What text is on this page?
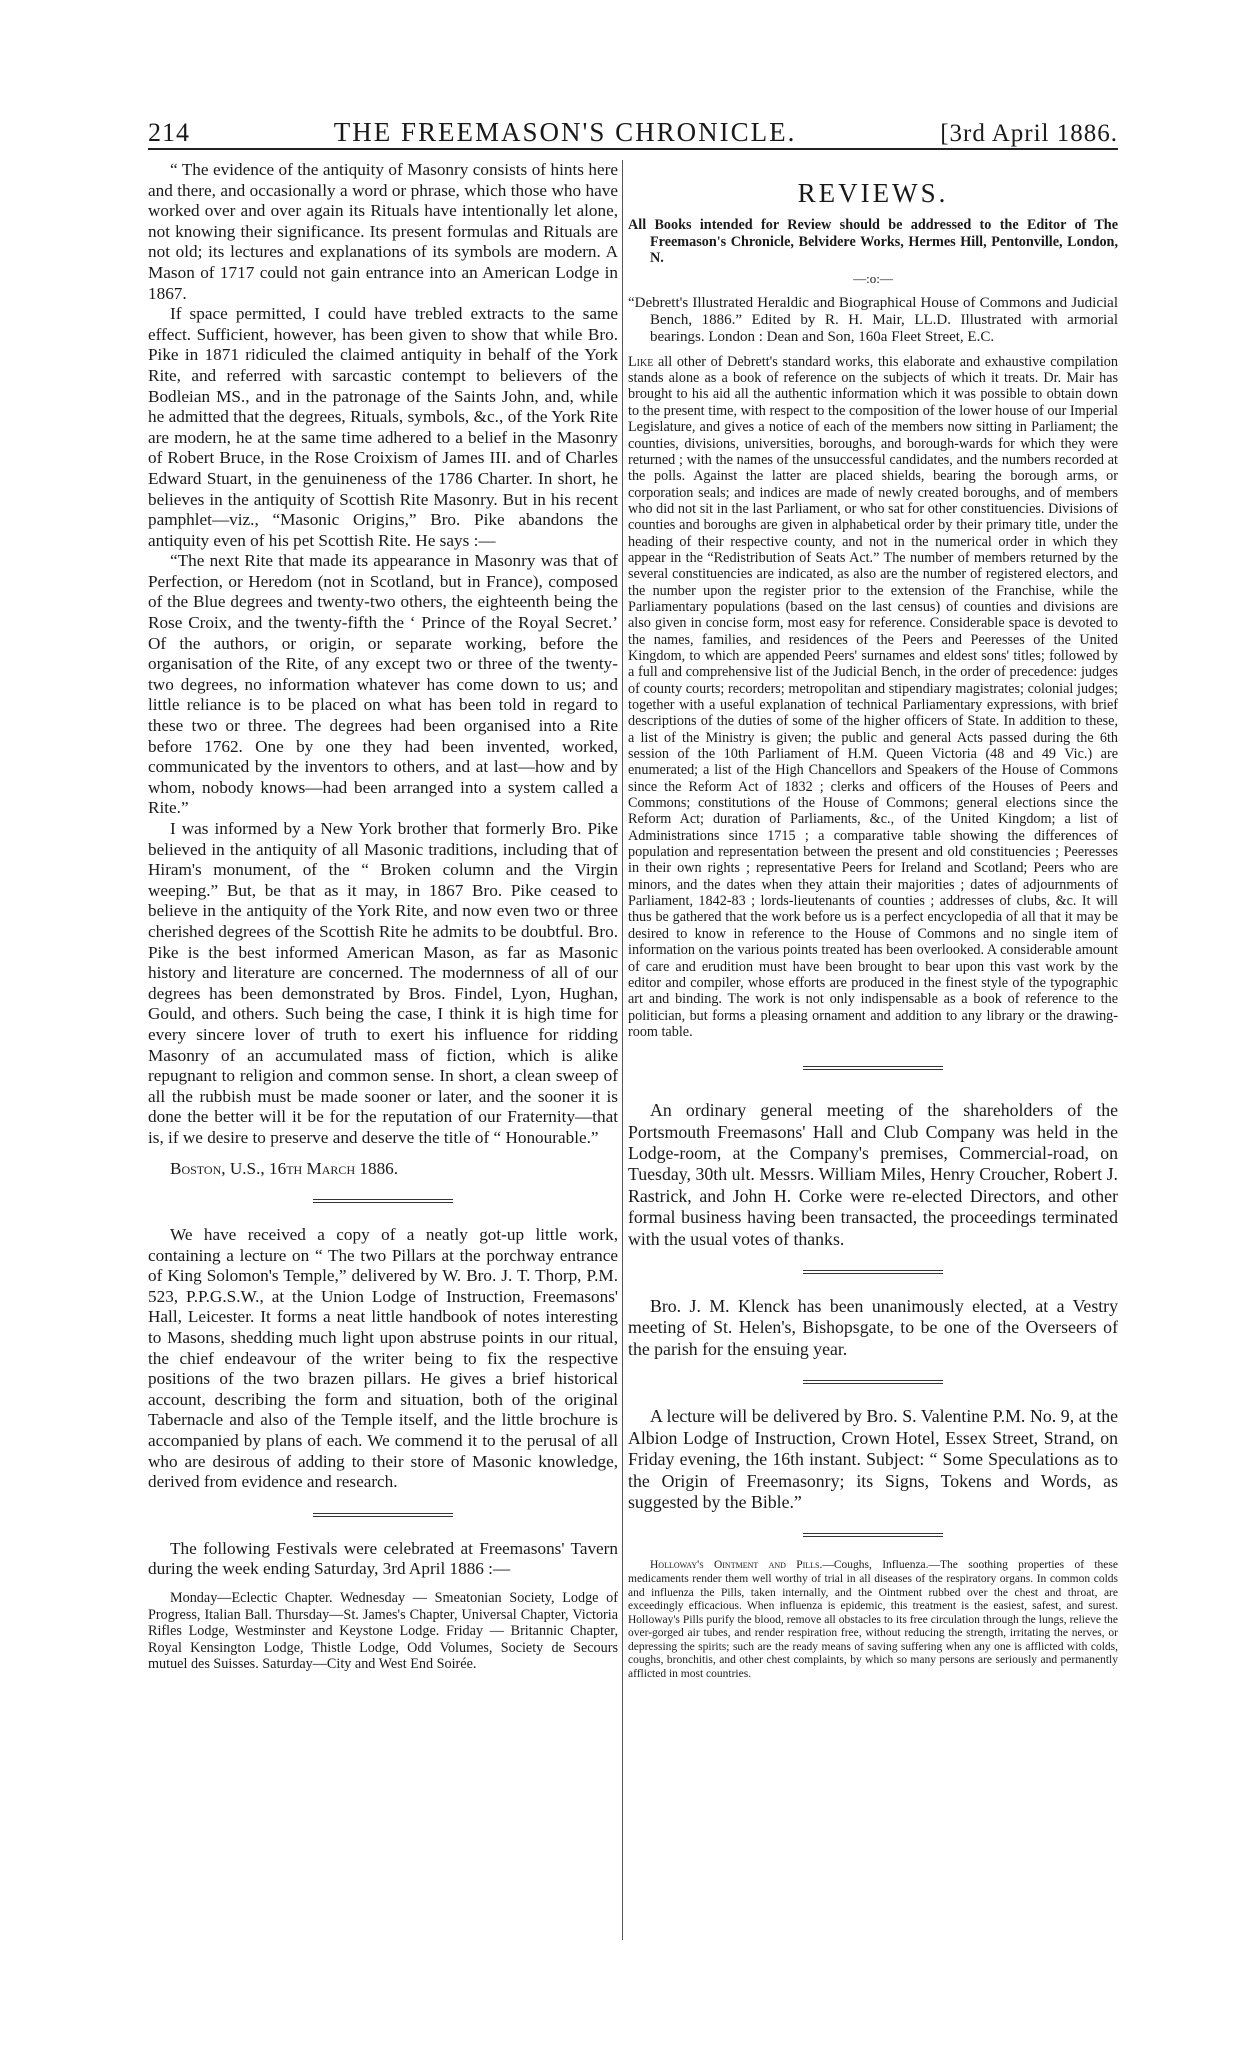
214	THE FREEMASON'S CHRONICLE.	[3rd April 1886.

“ The evidence of the antiquity of Masonry consists of hints here and there, and occasionally a word or phrase, which those who have worked over and over again its Rituals have intentionally let alone, not knowing their significance. Its present formulas and Rituals are not old; its lectures and explanations of its symbols are modern. A Mason of 1717 could not gain entrance into an American Lodge in 1867.

If space permitted, I could have trebled extracts to the same effect. Sufficient, however, has been given to show that while Bro. Pike in 1871 ridiculed the claimed antiquity in behalf of the York Rite, and referred with sarcastic contempt to believers of the Bodleian MS., and in the patronage of the Saints John, and, while he admitted that the degrees, Rituals, symbols, &c., of the York Rite are modern, he at the same time adhered to a belief in the Masonry of Robert Bruce, in the Rose Croixism of James III. and of Charles Edward Stuart, in the genuineness of the 1786 Charter. In short, he believes in the antiquity of Scottish Rite Masonry. But in his recent pamphlet—viz., “Masonic Origins,” Bro. Pike abandons the antiquity even of his pet Scottish Rite. He says :—

“The next Rite that made its appearance in Masonry was that of Perfection, or Heredom (not in Scotland, but in France), composed of the Blue degrees and twenty-two others, the eighteenth being the Rose Croix, and the twenty-fifth the ‘ Prince of the Royal Secret.’ Of the authors, or origin, or separate working, before the organisation of the Rite, of any except two or three of the twenty-two degrees, no information whatever has come down to us; and little reliance is to be placed on what has been told in regard to these two or three. The degrees had been organised into a Rite before 1762. One by one they had been invented, worked, communicated by the inventors to others, and at last—how and by whom, nobody knows—had been arranged into a system called a Rite.”

I was informed by a New York brother that formerly Bro. Pike believed in the antiquity of all Masonic traditions, including that of Hiram's monument, of the “ Broken column and the Virgin weeping.” But, be that as it may, in 1867 Bro. Pike ceased to believe in the antiquity of the York Rite, and now even two or three cherished degrees of the Scottish Rite he admits to be doubtful. Bro. Pike is the best informed American Mason, as far as Masonic history and literature are concerned. The modernness of all of our degrees has been demonstrated by Bros. Findel, Lyon, Hughan, Gould, and others. Such being the case, I think it is high time for every sincere lover of truth to exert his influence for ridding Masonry of an accumulated mass of fiction, which is alike repugnant to religion and common sense. In short, a clean sweep of all the rubbish must be made sooner or later, and the sooner it is done the better will it be for the reputation of our Fraternity—that is, if we desire to preserve and deserve the title of “ Honourable.”

Boston, U.S., 16th March 1886.

We have received a copy of a neatly got-up little work, containing a lecture on “ The two Pillars at the porchway entrance of King Solomon's Temple,” delivered by W. Bro. J. T. Thorp, P.M. 523, P.P.G.S.W., at the Union Lodge of Instruction, Freemasons' Hall, Leicester. It forms a neat little handbook of notes interesting to Masons, shedding much light upon abstruse points in our ritual, the chief endeavour of the writer being to fix the respective positions of the two brazen pillars. He gives a brief historical account, describing the form and situation, both of the original Tabernacle and also of the Temple itself, and the little brochure is accompanied by plans of each. We commend it to the perusal of all who are desirous of adding to their store of Masonic knowledge, derived from evidence and research.

The following Festivals were celebrated at Freemasons' Tavern during the week ending Saturday, 3rd April 1886 :—

Monday—Eclectic Chapter. Wednesday — Smeatonian Society, Lodge of Progress, Italian Ball. Thursday—St. James's Chapter, Universal Chapter, Victoria Rifles Lodge, Westminster and Keystone Lodge. Friday — Britannic Chapter, Royal Kensington Lodge, Thistle Lodge, Odd Volumes, Society de Secours mutuel des Suisses. Saturday—City and West End Soirée.

REVIEWS.

All Books intended for Review should be addressed to the Editor of The Freemason's Chronicle, Belvidere Works, Hermes Hill, Pentonville, London, N.

—:o:—

“Debrett's Illustrated Heraldic and Biographical House of Commons and Judicial Bench, 1886.” Edited by R. H. Mair, LL.D. Illustrated with armorial bearings. London : Dean and Son, 160a Fleet Street, E.C.

Like all other of Debrett's standard works, this elaborate and exhaustive compilation stands alone as a book of reference on the subjects of which it treats. Dr. Mair has brought to his aid all the authentic information which it was possible to obtain down to the present time, with respect to the composition of the lower house of our Imperial Legislature, and gives a notice of each of the members now sitting in Parliament; the counties, divisions, universities, boroughs, and borough-wards for which they were returned ; with the names of the unsuccessful candidates, and the numbers recorded at the polls. Against the latter are placed shields, bearing the borough arms, or corporation seals; and indices are made of newly created boroughs, and of members who did not sit in the last Parliament, or who sat for other constituencies. Divisions of counties and boroughs are given in alphabetical order by their primary title, under the heading of their respective county, and not in the numerical order in which they appear in the “Redistribution of Seats Act.” The number of members returned by the several constituencies are indicated, as also are the number of registered electors, and the number upon the register prior to the extension of the Franchise, while the Parliamentary populations (based on the last census) of counties and divisions are also given in concise form, most easy for reference. Considerable space is devoted to the names, families, and residences of the Peers and Peeresses of the United Kingdom, to which are appended Peers' surnames and eldest sons' titles; followed by a full and comprehensive list of the Judicial Bench, in the order of precedence: judges of county courts; recorders; metropolitan and stipendiary magistrates; colonial judges; together with a useful explanation of technical Parliamentary expressions, with brief descriptions of the duties of some of the higher officers of State. In addition to these, a list of the Ministry is given; the public and general Acts passed during the 6th session of the 10th Parliament of H.M. Queen Victoria (48 and 49 Vic.) are enumerated; a list of the High Chancellors and Speakers of the House of Commons since the Reform Act of 1832 ; clerks and officers of the Houses of Peers and Commons; constitutions of the House of Commons; general elections since the Reform Act; duration of Parliaments, &c., of the United Kingdom; a list of Administrations since 1715 ; a comparative table showing the differences of population and representation between the present and old constituencies ; Peeresses in their own rights ; representative Peers for Ireland and Scotland; Peers who are minors, and the dates when they attain their majorities ; dates of adjournments of Parliament, 1842-83 ; lords-lieutenants of counties ; addresses of clubs, &c. It will thus be gathered that the work before us is a perfect encyclopedia of all that it may be desired to know in reference to the House of Commons and no single item of information on the various points treated has been overlooked. A considerable amount of care and erudition must have been brought to bear upon this vast work by the editor and compiler, whose efforts are produced in the finest style of the typographic art and binding. The work is not only indispensable as a book of reference to the politician, but forms a pleasing ornament and addition to any library or the drawing-room table.

An ordinary general meeting of the shareholders of the Portsmouth Freemasons' Hall and Club Company was held in the Lodge-room, at the Company's premises, Commercial-road, on Tuesday, 30th ult. Messrs. William Miles, Henry Croucher, Robert J. Rastrick, and John H. Corke were re-elected Directors, and other formal business having been transacted, the proceedings terminated with the usual votes of thanks.

Bro. J. M. Klenck has been unanimously elected, at a Vestry meeting of St. Helen's, Bishopsgate, to be one of the Overseers of the parish for the ensuing year.

A lecture will be delivered by Bro. S. Valentine P.M. No. 9, at the Albion Lodge of Instruction, Crown Hotel, Essex Street, Strand, on Friday evening, the 16th instant. Subject: “ Some Speculations as to the Origin of Freemasonry; its Signs, Tokens and Words, as suggested by the Bible.”

Holloway's Ointment and Pills.—Coughs, Influenza.—The soothing properties of these medicaments render them well worthy of trial in all diseases of the respiratory organs. In common colds and influenza the Pills, taken internally, and the Ointment rubbed over the chest and throat, are exceedingly efficacious. When influenza is epidemic, this treatment is the easiest, safest, and surest. Holloway's Pills purify the blood, remove all obstacles to its free circulation through the lungs, relieve the over-gorged air tubes, and render respiration free, without reducing the strength, irritating the nerves, or depressing the spirits; such are the ready means of saving suffering when any one is afflicted with colds, coughs, bronchitis, and other chest complaints, by which so many persons are seriously and permanently afflicted in most countries.
